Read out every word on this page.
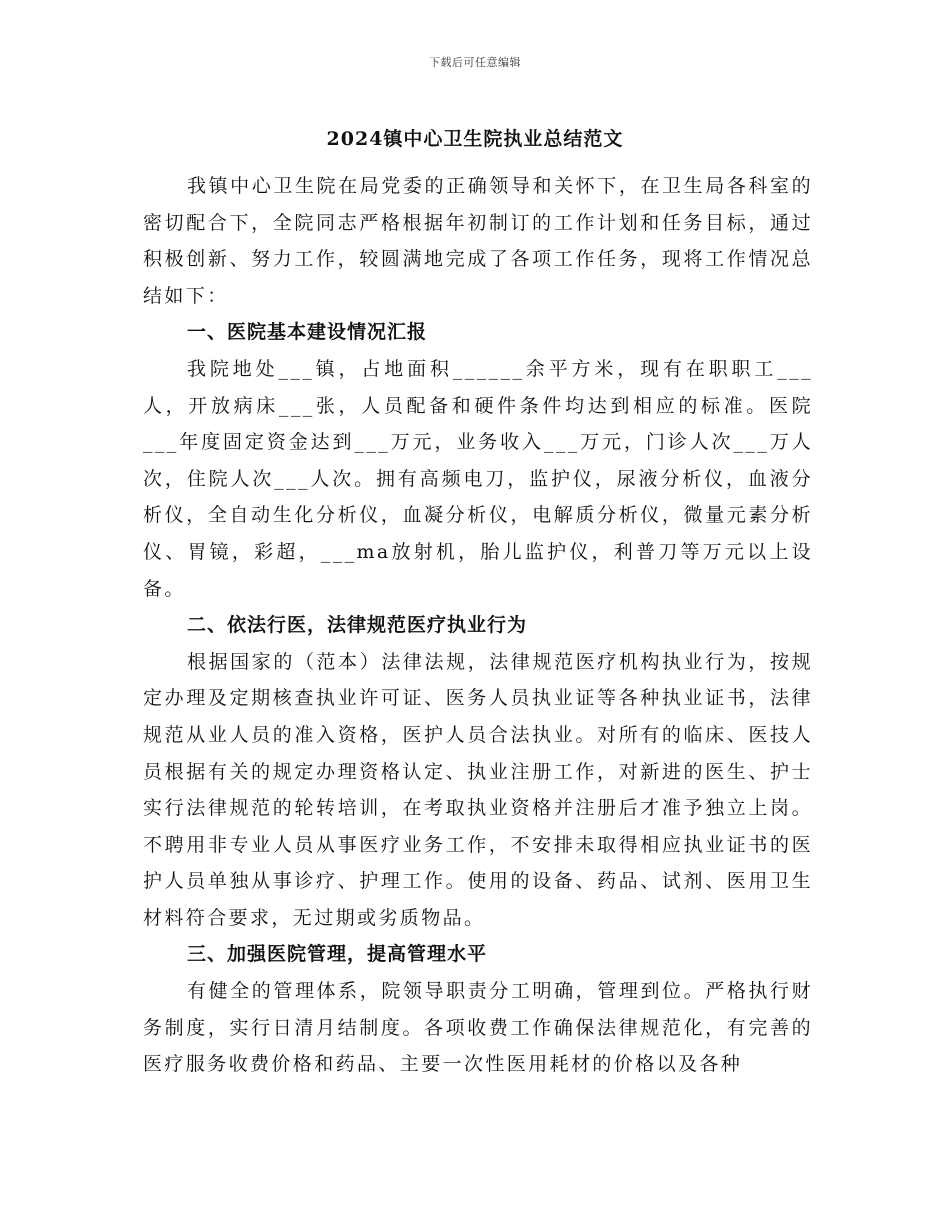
下载后可任意编辑
2024镇中心卫生院执业总结范文

我镇中心卫生院在局党委的正确领导和关怀下，在卫生局各科室的密切配合下，全院同志严格根据年初制订的工作计划和任务目标，通过积极创新、努力工作，较圆满地完成了各项工作任务，现将工作情况总结如下：

一、医院基本建设情况汇报

我院地处___镇，占地面积______余平方米，现有在职职工___人，开放病床___张，人员配备和硬件条件均达到相应的标准。医院___年度固定资金达到___万元，业务收入___万元，门诊人次___万人次，住院人次___人次。拥有高频电刀，监护仪，尿液分析仪，血液分析仪，全自动生化分析仪，血凝分析仪，电解质分析仪，微量元素分析仪、胃镜，彩超，___ma放射机，胎儿监护仪，利普刀等万元以上设备。

二、依法行医，法律规范医疗执业行为

根据国家的（范本）法律法规，法律规范医疗机构执业行为，按规定办理及定期核查执业许可证、医务人员执业证等各种执业证书，法律规范从业人员的准入资格，医护人员合法执业。对所有的临床、医技人员根据有关的规定办理资格认定、执业注册工作，对新进的医生、护士实行法律规范的轮转培训，在考取执业资格并注册后才准予独立上岗。不聘用非专业人员从事医疗业务工作，不安排未取得相应执业证书的医护人员单独从事诊疗、护理工作。使用的设备、药品、试剂、医用卫生材料符合要求，无过期或劣质物品。

三、加强医院管理，提高管理水平

有健全的管理体系，院领导职责分工明确，管理到位。严格执行财务制度，实行日清月结制度。各项收费工作确保法律规范化，有完善的医疗服务收费价格和药品、主要一次性医用耗材的价格以及各种
